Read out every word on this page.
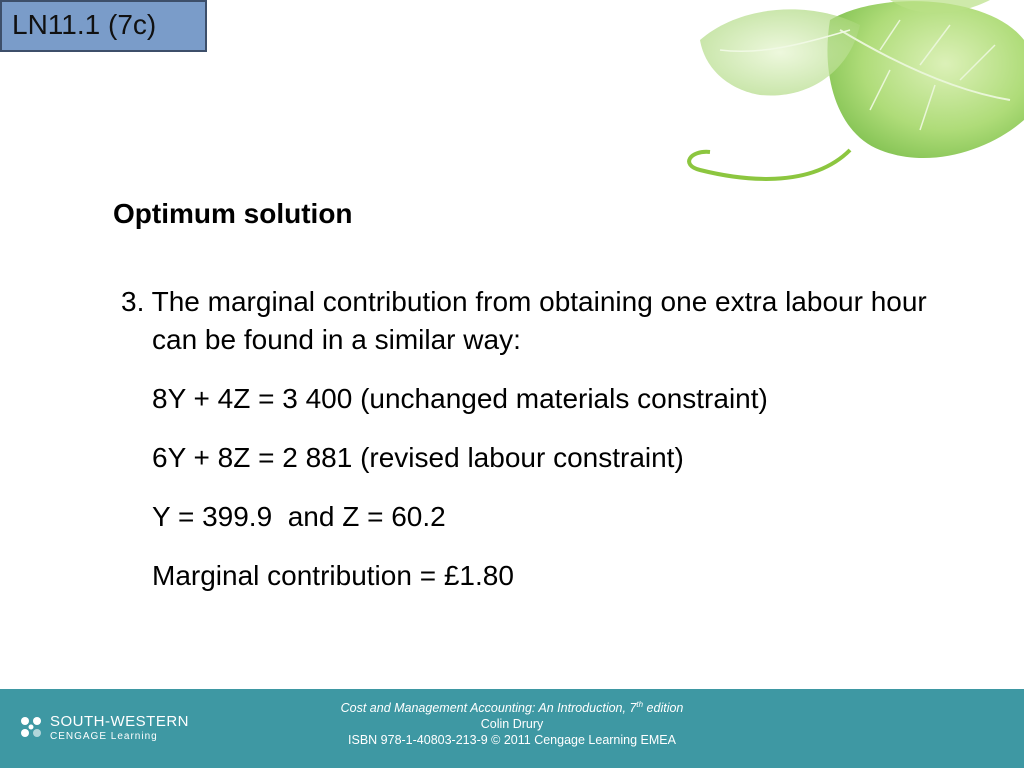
LN11.1 (7c)
Optimum solution

3. The marginal contribution from obtaining one extra labour hour can be found in a similar way:

8Y + 4Z = 3 400 (unchanged materials constraint)
6Y + 8Z = 2 881 (revised labour constraint)
Y = 399.9  and Z = 60.2
Marginal contribution = £1.80
SOUTH-WESTERN
CENGAGE Learning
Cost and Management Accounting: An Introduction, 7th edition
Colin Drury
ISBN 978-1-40803-213-9 © 2011 Cengage Learning EMEA
